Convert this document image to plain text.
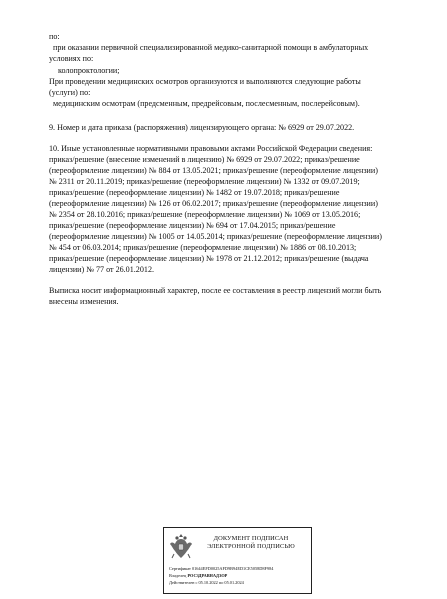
по:
при оказании первичной специализированной медико-санитарной помощи в амбулаторных
условиях по:
колопроктологии;
При проведении медицинских осмотров организуются и выполняются следующие работы
(услуги) по:
медицинским осмотрам (предсменным, предрейсовым, послесменным, послерейсовым).
9. Номер и дата приказа (распоряжения) лицензирующего органа: № 6929 от 29.07.2022.
10. Иные установленные нормативными правовыми актами Российской Федерации сведения:
приказ/решение (внесение изменений в лицензию) № 6929 от 29.07.2022; приказ/решение
(переоформление лицензии) № 884 от 13.05.2021; приказ/решение (переоформление лицензии)
№ 2311 от 20.11.2019; приказ/решение (переоформление лицензии) № 1332 от 09.07.2019;
приказ/решение (переоформление лицензии) № 1482 от 19.07.2018; приказ/решение
(переоформление лицензии) № 126 от 06.02.2017; приказ/решение (переоформление лицензии)
№ 2354 от 28.10.2016; приказ/решение (переоформление лицензии) № 1069 от 13.05.2016;
приказ/решение (переоформление лицензии) № 694 от 17.04.2015; приказ/решение
(переоформление лицензии) № 1005 от 14.05.2014; приказ/решение (переоформление лицензии)
№ 454 от 06.03.2014; приказ/решение (переоформление лицензии) № 1886 от 08.10.2013;
приказ/решение (переоформление лицензии) № 1978 от 21.12.2012; приказ/решение (выдача
лицензии) № 77 от 26.01.2012.
Выписка носит информационный характер, после ее составления в реестр лицензий могли быть
внесены изменения.
ДОКУМЕНТ ПОДПИСАН
ЭЛЕКТРОННОЙ ПОДПИСЬЮ
Сертификат 01644EFD0025AFD9B94ED1CE5058D8F984
Владелец РОСЗДРАВНАДЗОР
Действителен с 05.10.2022 по 05.01.2024
